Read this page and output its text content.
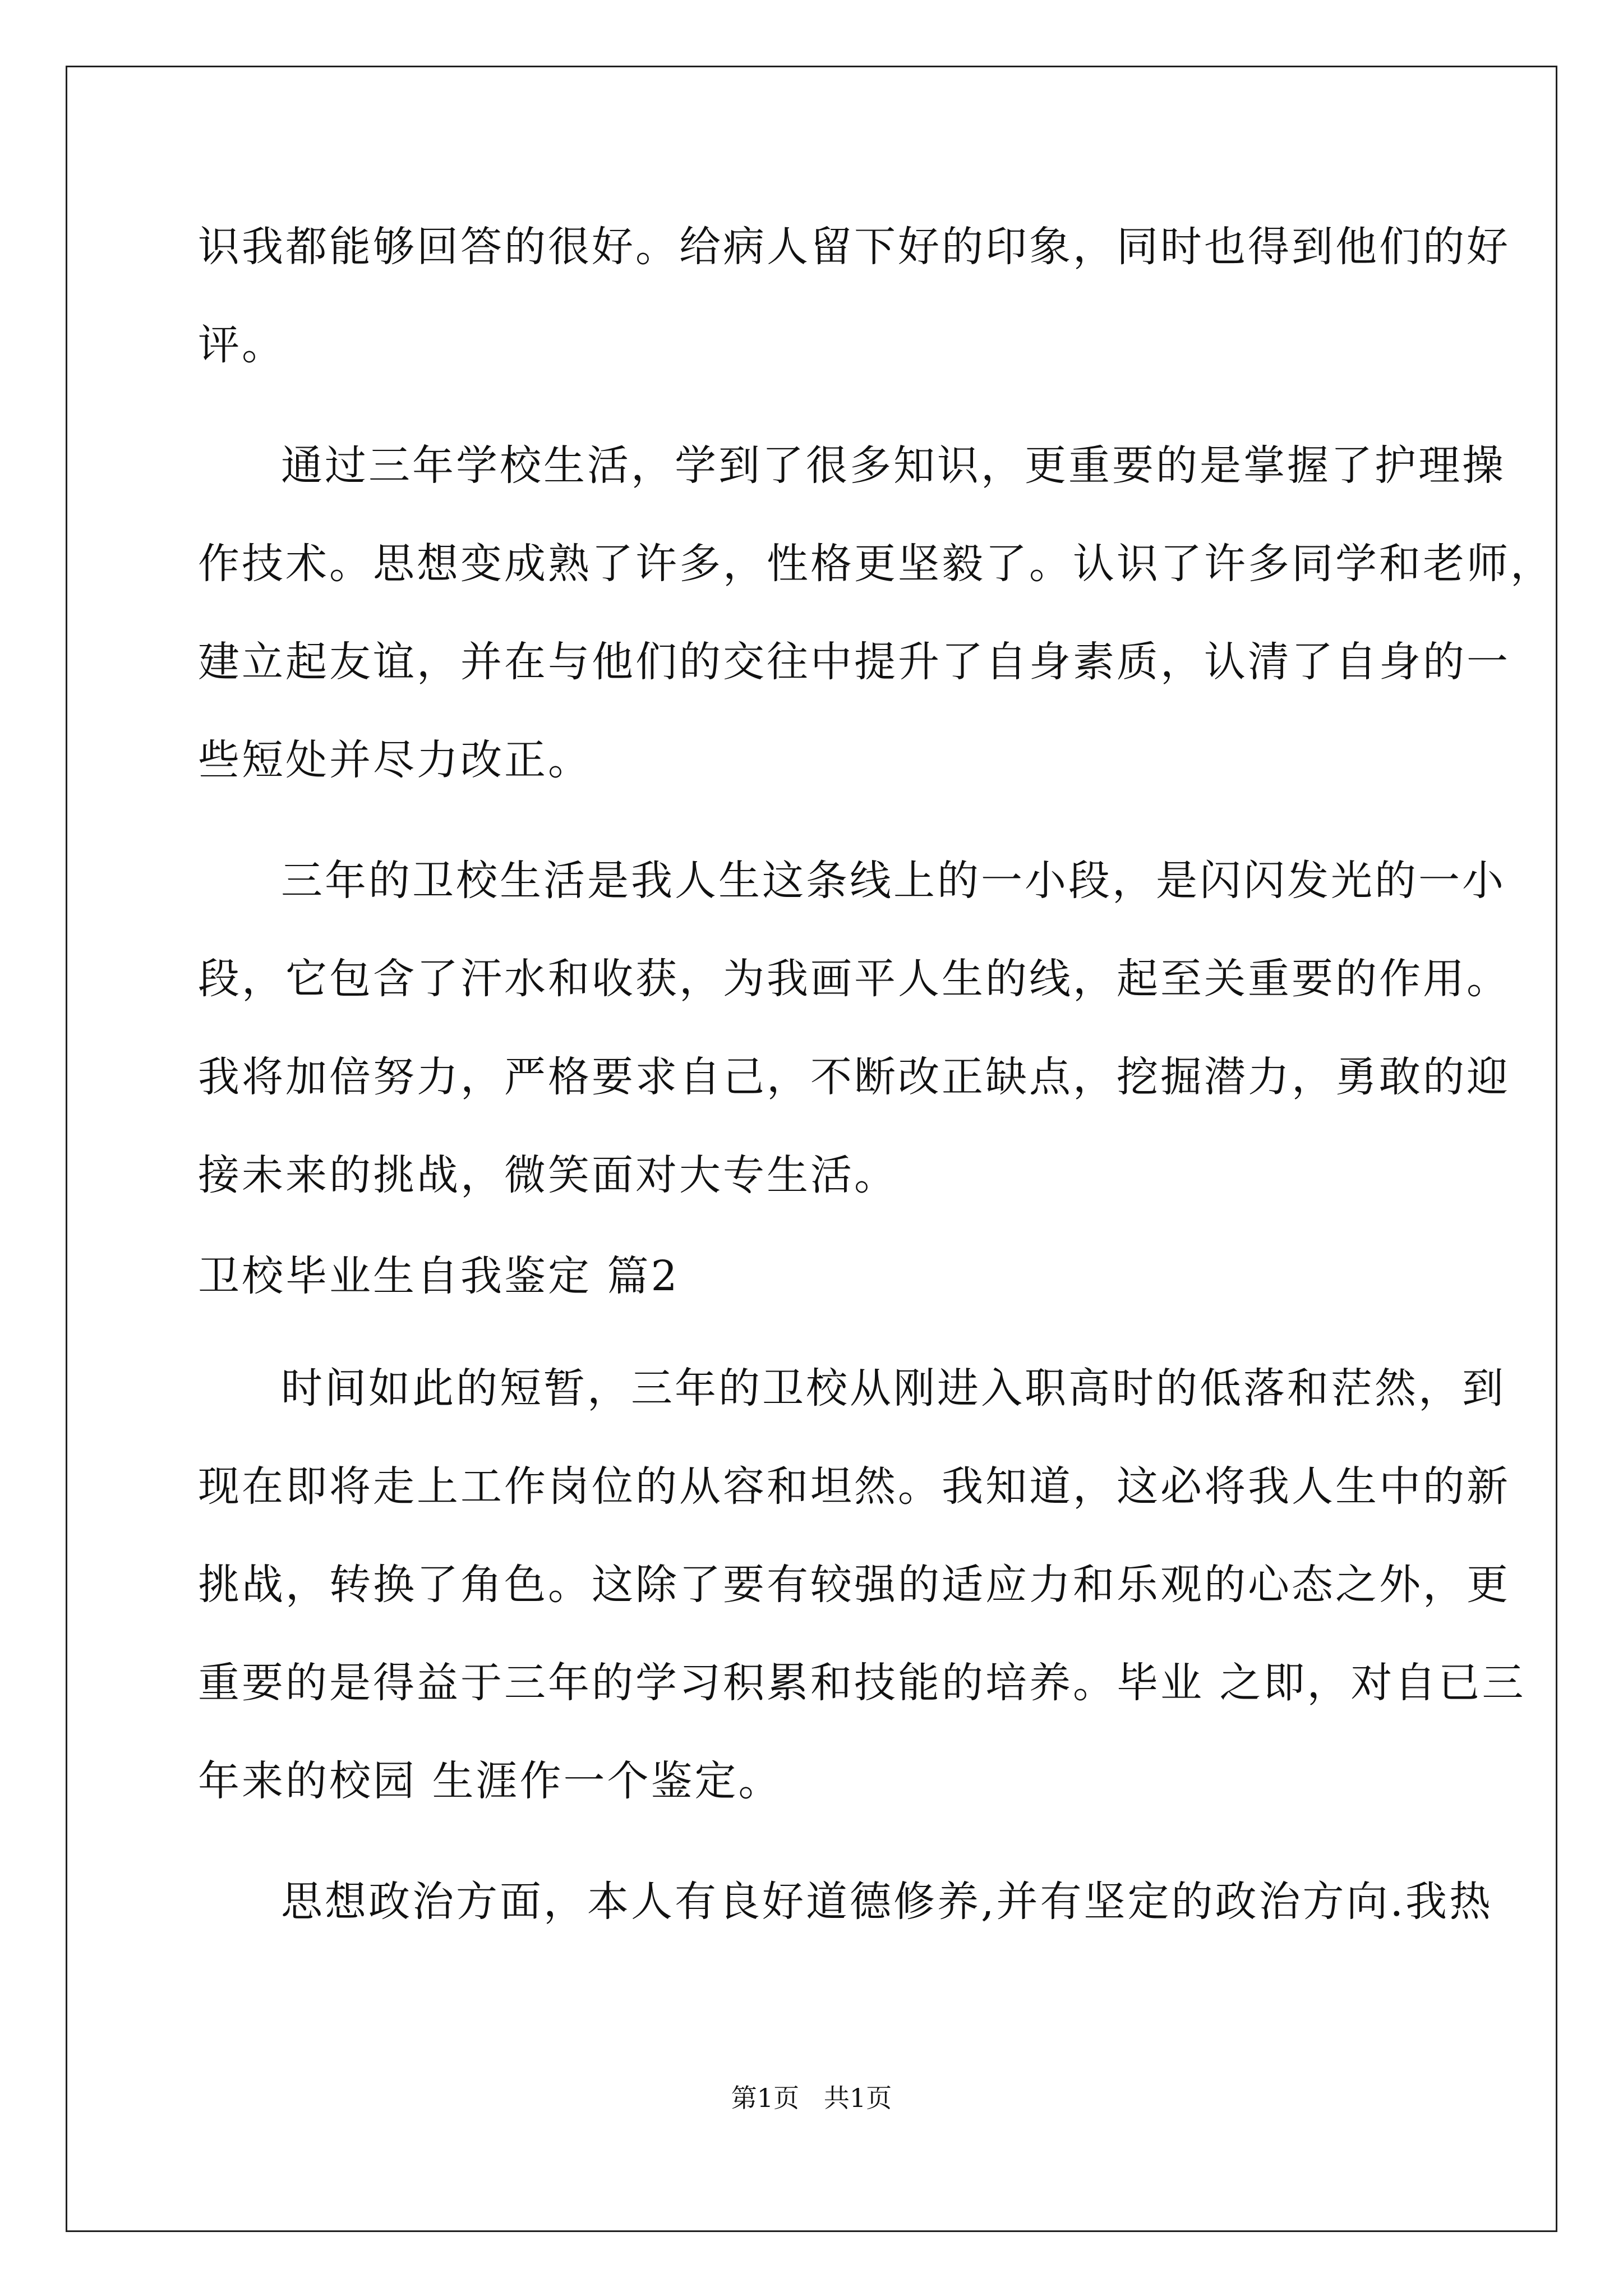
识我都能够回答的很好。给病人留下好的印象，同时也得到他们的好
评。
通过三年学校生活，学到了很多知识，更重要的是掌握了护理操
作技术。思想变成熟了许多，性格更坚毅了。认识了许多同学和老师，
建立起友谊，并在与他们的交往中提升了自身素质，认清了自身的一
些短处并尽力改正。
三年的卫校生活是我人生这条线上的一小段，是闪闪发光的一小
段，它包含了汗水和收获，为我画平人生的线，起至关重要的作用。
我将加倍努力，严格要求自己，不断改正缺点，挖掘潜力，勇敢的迎
接未来的挑战，微笑面对大专生活。
卫校毕业生自我鉴定 篇2
时间如此的短暂，三年的卫校从刚进入职高时的低落和茫然，到
现在即将走上工作岗位的从容和坦然。我知道，这必将我人生中的新
挑战，转换了角色。这除了要有较强的适应力和乐观的心态之外，更
重要的是得益于三年的学习积累和技能的培养。毕业 之即，对自已三
年来的校园 生涯作一个鉴定。
思想政治方面，本人有良好道德修养,并有坚定的政治方向.我热
第1页   共1页
